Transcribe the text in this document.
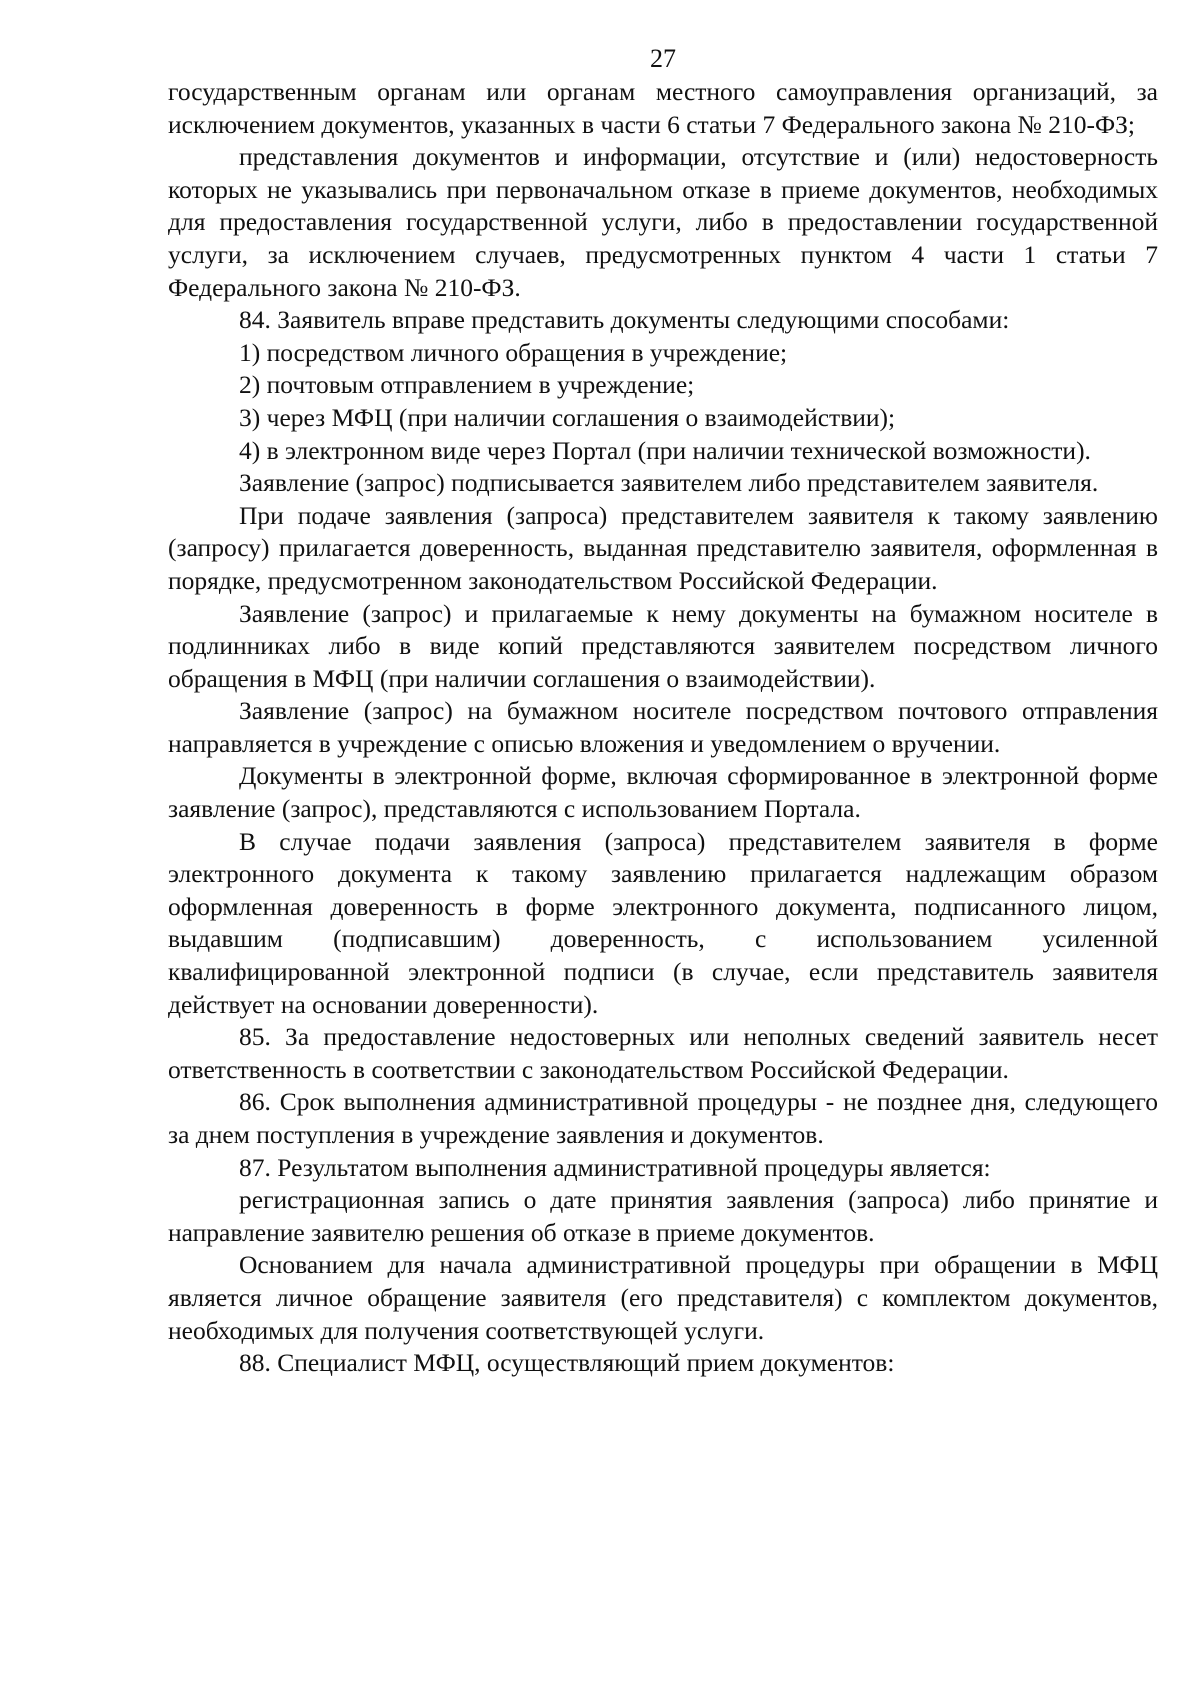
27

государственным органам или органам местного самоуправления организаций, за исключением документов, указанных в части 6 статьи 7 Федерального закона № 210-ФЗ;

представления документов и информации, отсутствие и (или) недостоверность которых не указывались при первоначальном отказе в приеме документов, необходимых для предоставления государственной услуги, либо в предоставлении государственной услуги, за исключением случаев, предусмотренных пунктом 4 части 1 статьи 7 Федерального закона № 210-ФЗ.

84. Заявитель вправе представить документы следующими способами:

1) посредством личного обращения в учреждение;

2) почтовым отправлением в учреждение;

3) через МФЦ (при наличии соглашения о взаимодействии);

4) в электронном виде через Портал (при наличии технической возможности).

Заявление (запрос) подписывается заявителем либо представителем заявителя.

При подаче заявления (запроса) представителем заявителя к такому заявлению (запросу) прилагается доверенность, выданная представителю заявителя, оформленная в порядке, предусмотренном законодательством Российской Федерации.

Заявление (запрос) и прилагаемые к нему документы на бумажном носителе в подлинниках либо в виде копий представляются заявителем посредством личного обращения в МФЦ (при наличии соглашения о взаимодействии).

Заявление (запрос) на бумажном носителе посредством почтового отправления направляется в учреждение с описью вложения и уведомлением о вручении.

Документы в электронной форме, включая сформированное в электронной форме заявление (запрос), представляются с использованием Портала.

В случае подачи заявления (запроса) представителем заявителя в форме электронного документа к такому заявлению прилагается надлежащим образом оформленная доверенность в форме электронного документа, подписанного лицом, выдавшим (подписавшим) доверенность, с использованием усиленной квалифицированной электронной подписи (в случае, если представитель заявителя действует на основании доверенности).

85. За предоставление недостоверных или неполных сведений заявитель несет ответственность в соответствии с законодательством Российской Федерации.

86. Срок выполнения административной процедуры - не позднее дня, следующего за днем поступления в учреждение заявления и документов.

87. Результатом выполнения административной процедуры является:

регистрационная запись о дате принятия заявления (запроса) либо принятие и направление заявителю решения об отказе в приеме документов.

Основанием для начала административной процедуры при обращении в МФЦ является личное обращение заявителя (его представителя) с комплектом документов, необходимых для получения соответствующей услуги.

88. Специалист МФЦ, осуществляющий прием документов:
